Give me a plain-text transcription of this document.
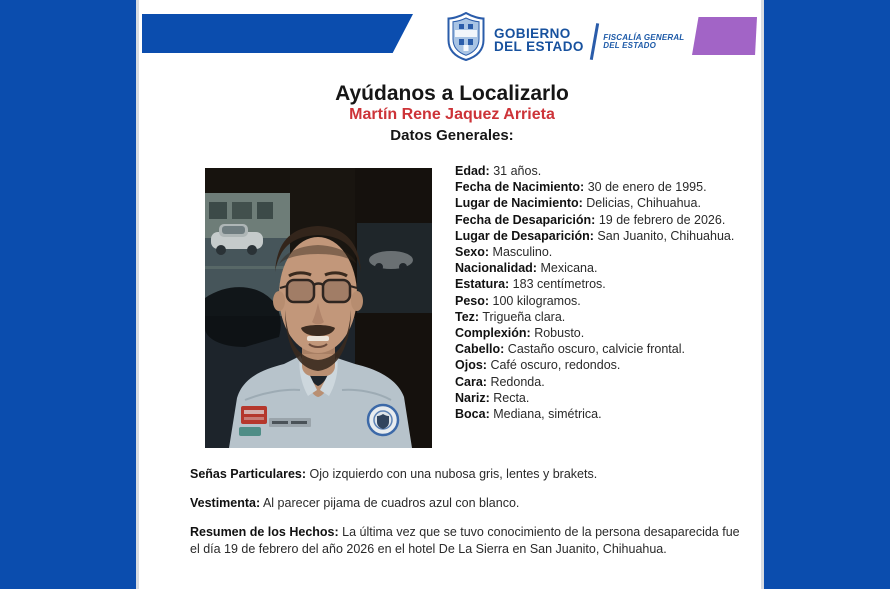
GOBIERNO
DEL ESTADO
FISCALÍA GENERAL
DEL ESTADO
Ayúdanos a Localizarlo
Martín Rene Jaquez Arrieta
Datos Generales:
Edad: 31 años.
Fecha de Nacimiento: 30 de enero de 1995.
Lugar de Nacimiento: Delicias, Chihuahua.
Fecha de Desaparición: 19 de febrero de 2026.
Lugar de Desaparición: San Juanito, Chihuahua.
Sexo: Masculino.
Nacionalidad: Mexicana.
Estatura: 183 centímetros.
Peso: 100 kilogramos.
Tez: Trigueña clara.
Complexión: Robusto.
Cabello: Castaño oscuro, calvicie frontal.
Ojos: Café oscuro, redondos.
Cara: Redonda.
Nariz: Recta.
Boca: Mediana, simétrica.
Señas Particulares: Ojo izquierdo con una nubosa gris, lentes y brakets.
Vestimenta: Al parecer pijama de cuadros azul con blanco.
Resumen de los Hechos: La última vez que se tuvo conocimiento de la persona desaparecida fue el día 19 de febrero del año 2026 en el hotel De La Sierra en San Juanito, Chihuahua.
